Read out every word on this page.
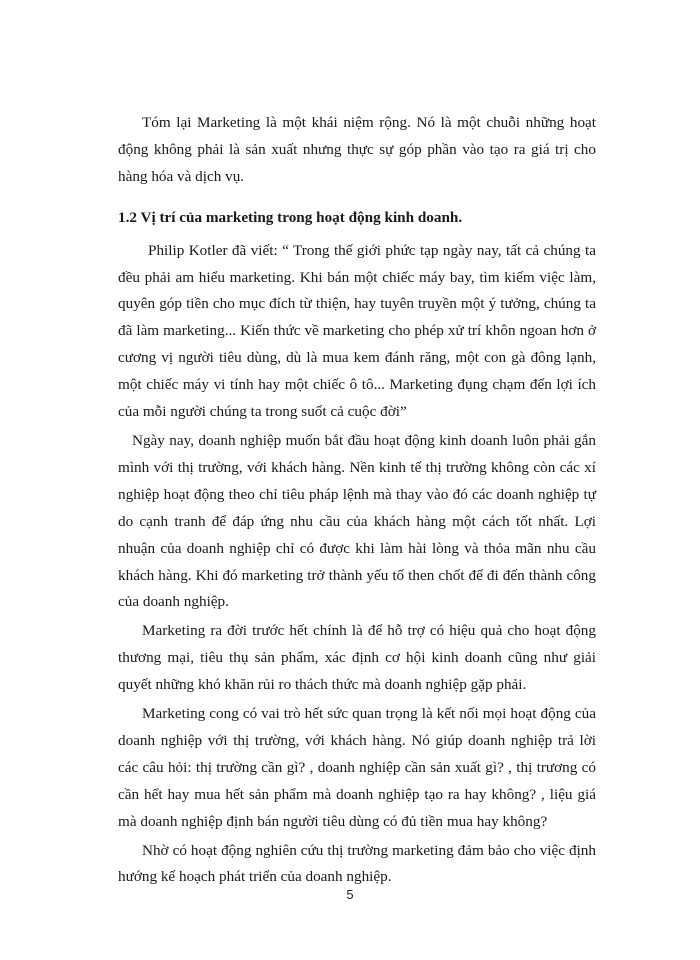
Tóm lại Marketing là một khái niệm rộng. Nó là một chuỗi những hoạt động không phải là sản xuất nhưng thực sự góp phần vào tạo ra giá trị cho hàng hóa và dịch vụ.

1.2 Vị trí của marketing trong hoạt động kinh doanh.

Philip Kotler đã viết: “ Trong thế giới phức tạp ngày nay, tất cả chúng ta đều phải am hiểu marketing. Khi bán một chiếc máy bay, tìm kiếm việc làm, quyên góp tiền cho mục đích từ thiện, hay tuyên truyền một ý tưởng, chúng ta đã làm marketing... Kiến thức về marketing cho phép xử trí khôn ngoan hơn ở cương vị người tiêu dùng, dù là mua kem đánh răng, một con gà đông lạnh, một chiếc máy vi tính hay một chiếc ô tô... Marketing đụng chạm đến lợi ích của mỗi người chúng ta trong suốt cả cuộc đời”

Ngày nay, doanh nghiệp muốn bắt đầu hoạt động kinh doanh luôn phải gắn mình với thị trường, với khách hàng. Nền kinh tế thị trường không còn các xí nghiệp hoạt động theo chỉ tiêu pháp lệnh mà thay vào đó các doanh nghiệp tự do cạnh tranh để đáp ứng nhu cầu của khách hàng một cách tốt nhất. Lợi nhuận của doanh nghiệp chỉ có được khi làm hài lòng và thỏa mãn nhu cầu khách hàng. Khi đó marketing trở thành yếu tố then chốt để đi đến thành công của doanh nghiệp.

Marketing ra đời trước hết chính là để hỗ trợ có hiệu quả cho hoạt động thương mại, tiêu thụ sản phẩm, xác định cơ hội kinh doanh cũng như giải quyết những khó khăn rủi ro thách thức mà doanh nghiệp gặp phải.

Marketing cong có vai trò hết sức quan trọng là kết nối mọi hoạt động của doanh nghiệp với thị trường, với khách hàng. Nó giúp doanh nghiệp trả lời các câu hỏi: thị trường cần gì? , doanh nghiệp cần sản xuất gì? , thị trương có cần hết hay mua hết sản phẩm mà doanh nghiệp tạo ra hay không? , liệu giá mà doanh nghiệp định bán người tiêu dùng có đủ tiền mua hay không?

Nhờ có hoạt động nghiên cứu thị trường marketing đảm bảo cho việc định hướng kế hoạch phát triển của doanh nghiệp.

5
